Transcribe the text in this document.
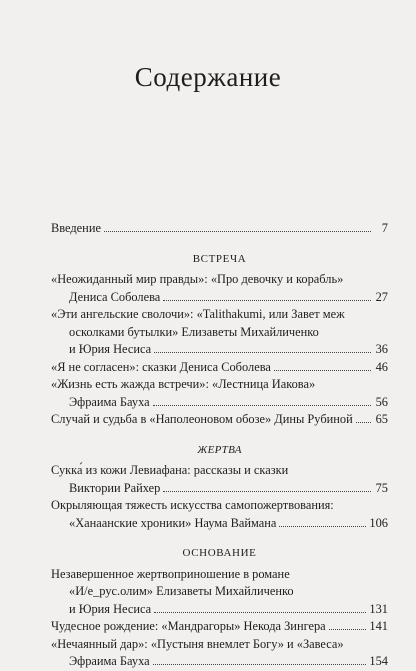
Содержание
Введение	7
ВСТРЕЧА
«Неожиданный мир правды»: «Про девочку и корабль»
Дениса Соболева	27
«Эти ангельские сволочи»: «Talithakumi, или Завет меж
осколками бутылки» Елизаветы Михайличенко
и Юрия Несиса	36
«Я не согласен»: сказки Дениса Соболева	46
«Жизнь есть жажда встречи»: «Лестница Иакова»
Эфраима Бауха	56
Случай и судьба в «Наполеоновом обозе» Дины Рубиной 65
ЖЕРТВА
Сукка́ из кожи Левиафана: рассказы и сказки
Виктории Райхер	75
Окрыляющая тяжесть искусства самопожертвования:
«Ханаанские хроники» Наума Ваймана	106
ОСНОВАНИЕ
Незавершенное жертвоприношение в романе
«И/е_рус.олим» Елизаветы Михайличенко
и Юрия Несиса	131
Чудесное рождение: «Мандрагоры» Некода Зингера	141
«Нечаянный дар»: «Пустыня внемлет Богу» и «Завеса»
Эфраима Бауха	154
